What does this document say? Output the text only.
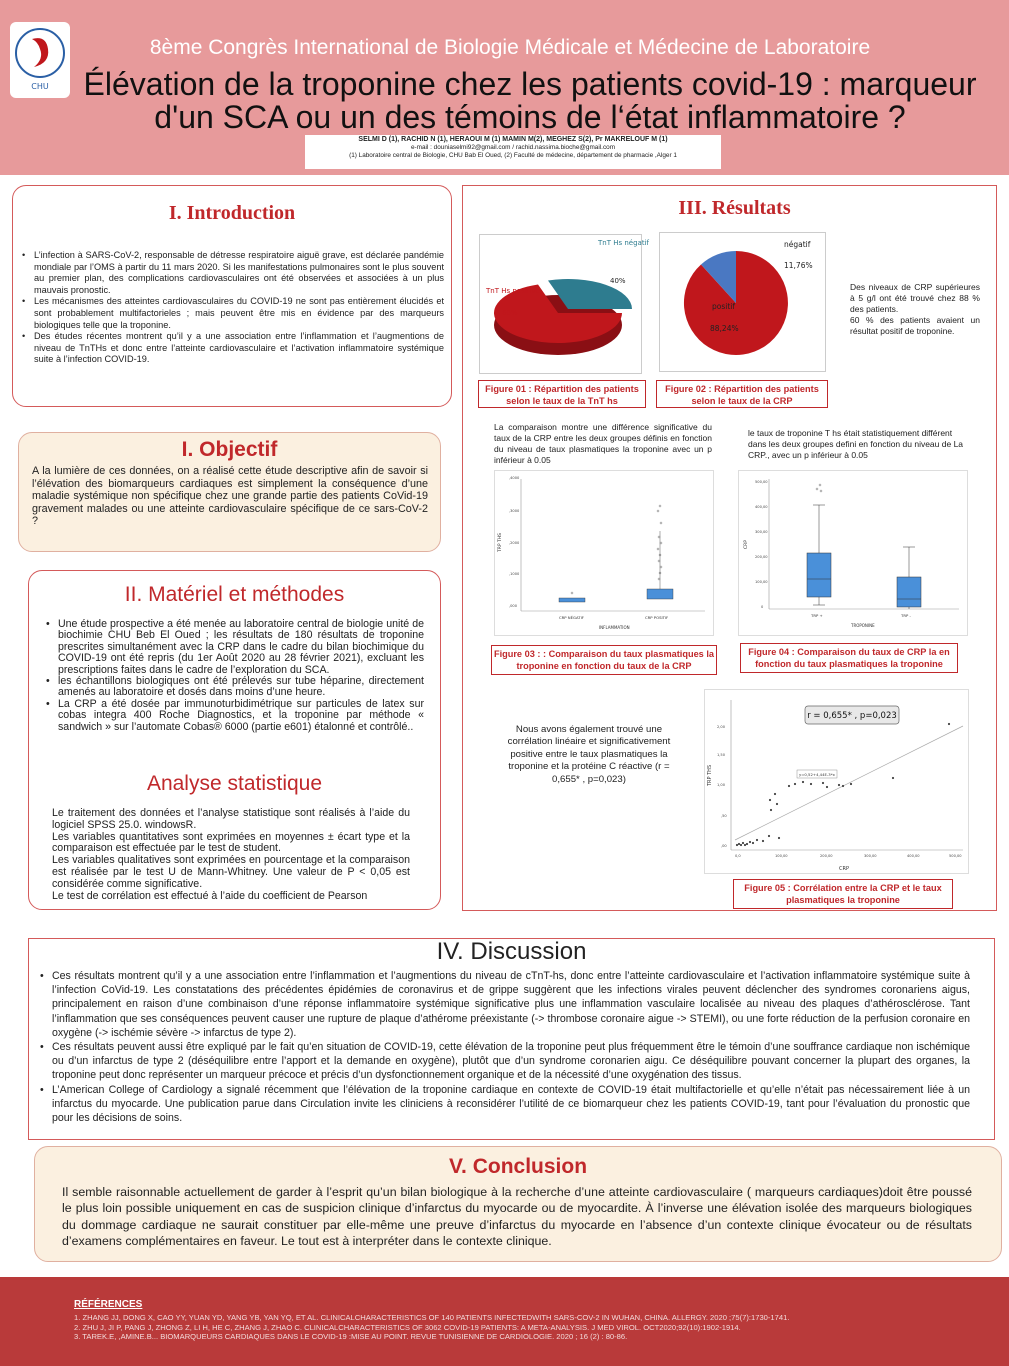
CHU
8ème Congrès International de Biologie Médicale et Médecine de Laboratoire
Élévation de la troponine chez les patients covid-19 : marqueur
d'un SCA ou un des témoins de l‘état inflammatoire ?
SELMI D (1), RACHID N (1), HERAOUI M (1) MAMIN M(2), MEGHEZ S(2), Pr MAKRELOUF M (1)
e-mail : douniaselmi92@gmail.com / rachid.nassima.bioche@gmail.com
(1) Laboratoire central de Biologie, CHU Bab El Oued, (2) Faculté de médecine, département de pharmacie ,Alger 1
I. Introduction
• L’infection à SARS-CoV-2, responsable de détresse respiratoire aiguë grave, est déclarée pandémie mondiale par l’OMS à partir du 11 mars 2020. Si les manifestations pulmonaires sont le plus souvent au premier plan, des complications cardiovasculaires ont été observées et associées à un plus mauvais pronostic.
• Les mécanismes des atteintes cardiovasculaires du COVID-19 ne sont pas entièrement élucidés et sont probablement multifactorieles ; mais peuvent être mis en évidence par des marqueurs biologiques telle que la troponine.
• Des études récentes montrent qu’il y a une association entre l’inflammation et l’augmentions de niveau de TnTHs et donc entre l’atteinte cardiovasculaire et l’activation inflammatoire systémique suite à l’infection COVID-19.
I. Objectif
A la lumière de ces données, on a réalisé cette étude descriptive afin de savoir si l’élévation des biomarqueurs cardiaques est simplement la conséquence d’une maladie systémique non spécifique chez une grande partie des patients CoVid-19 gravement malades ou une atteinte cardiovasculaire spécifique de ce sars-CoV-2 ?
II. Matériel et méthodes
• Une étude prospective a été menée au laboratoire central de biologie unité de biochimie CHU Beb El Oued ; les résultats de 180 résultats de troponine prescrites simultanément avec la CRP dans le cadre du bilan biochimique du COVID-19 ont été repris (du 1er Août 2020 au 28 février 2021), excluant les prescriptions faites dans le cadre de l’exploration du SCA.
• les échantillons biologiques ont été prélevés sur tube héparine, directement amenés au laboratoire et dosés dans moins d’une heure.
• La CRP a été dosée par immunoturbidimétrique sur particules de latex sur cobas integra 400 Roche Diagnostics, et la troponine par méthode « sandwich » sur l’automate Cobas® 6000 (partie e601) étalonné et contrôlé..
Analyse statistique
Le traitement des données et l’analyse statistique sont réalisés à l’aide du logiciel SPSS 25.0. windowsR.
Les variables quantitatives sont exprimées en moyennes ± écart type et la comparaison est effectuée par le test de student.
Les variables qualitatives sont exprimées en pourcentage et la comparaison est réalisée par le test U de Mann-Whitney. Une valeur de P < 0,05 est considérée comme significative.
Le test de corrélation est effectué à l’aide du coefficient de Pearson
III. Résultats
TnT Hs négatif
40%
TnT Hs positive
60%
négatif
11,76%
positif
88,24%
Des niveaux de CRP supérieures à 5 g/l ont été trouvé chez 88 % des patients.
60 % des patients avaient un résultat positif de troponine.
Figure 01 : Répartition des patients selon le taux de la TnT hs
Figure 02 : Répartition des patients selon le taux de la CRP
La comparaison montre une différence significative du taux de la CRP entre les deux groupes définis en fonction du niveau de taux plasmatiques la troponine avec un p inférieur à 0.05
le taux de troponine T hs était statistiquement différent dans les deux groupes defini en fonction du niveau de La CRP., avec un p inférieur à 0.05
TRP THS
,4000
,3000
,2000
,1000
,000
CRP NÉGATIF	CRP POSITIF
INFLAMMATION
CRP
500,00
400,00
300,00
200,00
100,00
0
TRP +	TRP -
TROPONINE
Figure 03 : : Comparaison du taux plasmatiques la troponine en fonction du taux de la CRP
Figure 04 : Comparaison du taux de CRP la en fonction du taux plasmatiques la troponine
Nous avons également trouvé une corrélation linéaire et significativement positive entre le taux plasmatiques la troponine et la protéine C réactive (r = 0,655* , p=0,023)	TRP THS
2,00
1,50
1,00
,50
,00
0,0	100,00	200,00	300,00	400,00	500,00
CRP
y=0,52+4,44E-3*x
r = 0,655* , p=0,023
Figure 05 : Corrélation entre la CRP et le taux plasmatiques la troponine
IV. Discussion
• Ces résultats montrent qu’il y a une association entre l’inflammation et l’augmentions du niveau de cTnT-hs, donc entre l’atteinte cardiovasculaire et l’activation inflammatoire systémique suite à l’infection CoVid-19. Les constatations des précédentes épidémies de coronavirus et de grippe suggèrent que les infections virales peuvent déclencher des syndromes coronariens aigus, principalement en raison d’une combinaison d’une réponse inflammatoire systémique significative plus une inflammation vasculaire localisée au niveau des plaques d’athérosclérose. Tant l’inflammation que ses conséquences peuvent causer une rupture de plaque d’athérome préexistante (-> thrombose coronaire aigue -> STEMI), ou une forte réduction de la perfusion coronaire en oxygène (-> ischémie sévère -> infarctus de type 2).
• Ces résultats peuvent aussi être expliqué par le fait qu’en situation de COVID-19, cette élévation de la troponine peut plus fréquemment être le témoin d’une souffrance cardiaque non ischémique ou d’un infarctus de type 2 (déséquilibre entre l’apport et la demande en oxygène), plutôt que d’un syndrome coronarien aigu. Ce déséquilibre pouvant concerner la plupart des organes, la troponine peut donc représenter un marqueur précoce et précis d’un dysfonctionnement organique et de la nécessité d’une oxygénation des tissus.
• L’American College of Cardiology a signalé récemment que l’élévation de la troponine cardiaque en contexte de COVID-19 était multifactorielle et qu’elle n’était pas nécessairement liée à un infarctus du myocarde. Une publication parue dans Circulation invite les cliniciens à reconsidérer l’utilité de ce biomarqueur chez les patients COVID-19, tant pour l’évaluation du pronostic que pour les décisions de soins.
V. Conclusion
Il semble raisonnable actuellement de garder à l’esprit qu’un bilan biologique à la recherche d’une atteinte cardiovasculaire ( marqueurs cardiaques)doit être poussé le plus loin possible uniquement en cas de suspicion clinique d’infarctus du myocarde ou de myocardite. À l’inverse une élévation isolée des marqueurs biologiques du dommage cardiaque ne saurait constituer par elle-même une preuve d’infarctus du myocarde en l’absence d’un contexte clinique évocateur ou de résultats d’examens complémentaires en faveur. Le tout est à interpréter dans le contexte clinique.
RÉFÉRENCES
1. ZHANG JJ, DONG X, CAO YY, YUAN YD, YANG YB, YAN YQ, ET AL. CLINICALCHARACTERISTICS OF 140 PATIENTS INFECTEDWITH SARS-COV-2 IN WUHAN, CHINA. ALLERGY. 2020 ;75(7):1730-1741.
2. ZHU J, JI P, PANG J, ZHONG Z, LI H, HE C, ZHANG J, ZHAO C. CLINICALCHARACTERISTICS OF 3062 COVID-19 PATIENTS: A META-ANALYSIS. J MED VIROL. OCT2020;92(10):1902-1914.
3. TAREK.E, ,AMINE.B... BIOMARQUEURS CARDIAQUES DANS LE COVID-19 :MISE AU POINT. REVUE TUNISIENNE DE CARDIOLOGIE. 2020 ; 16 (2) : 80-86.
